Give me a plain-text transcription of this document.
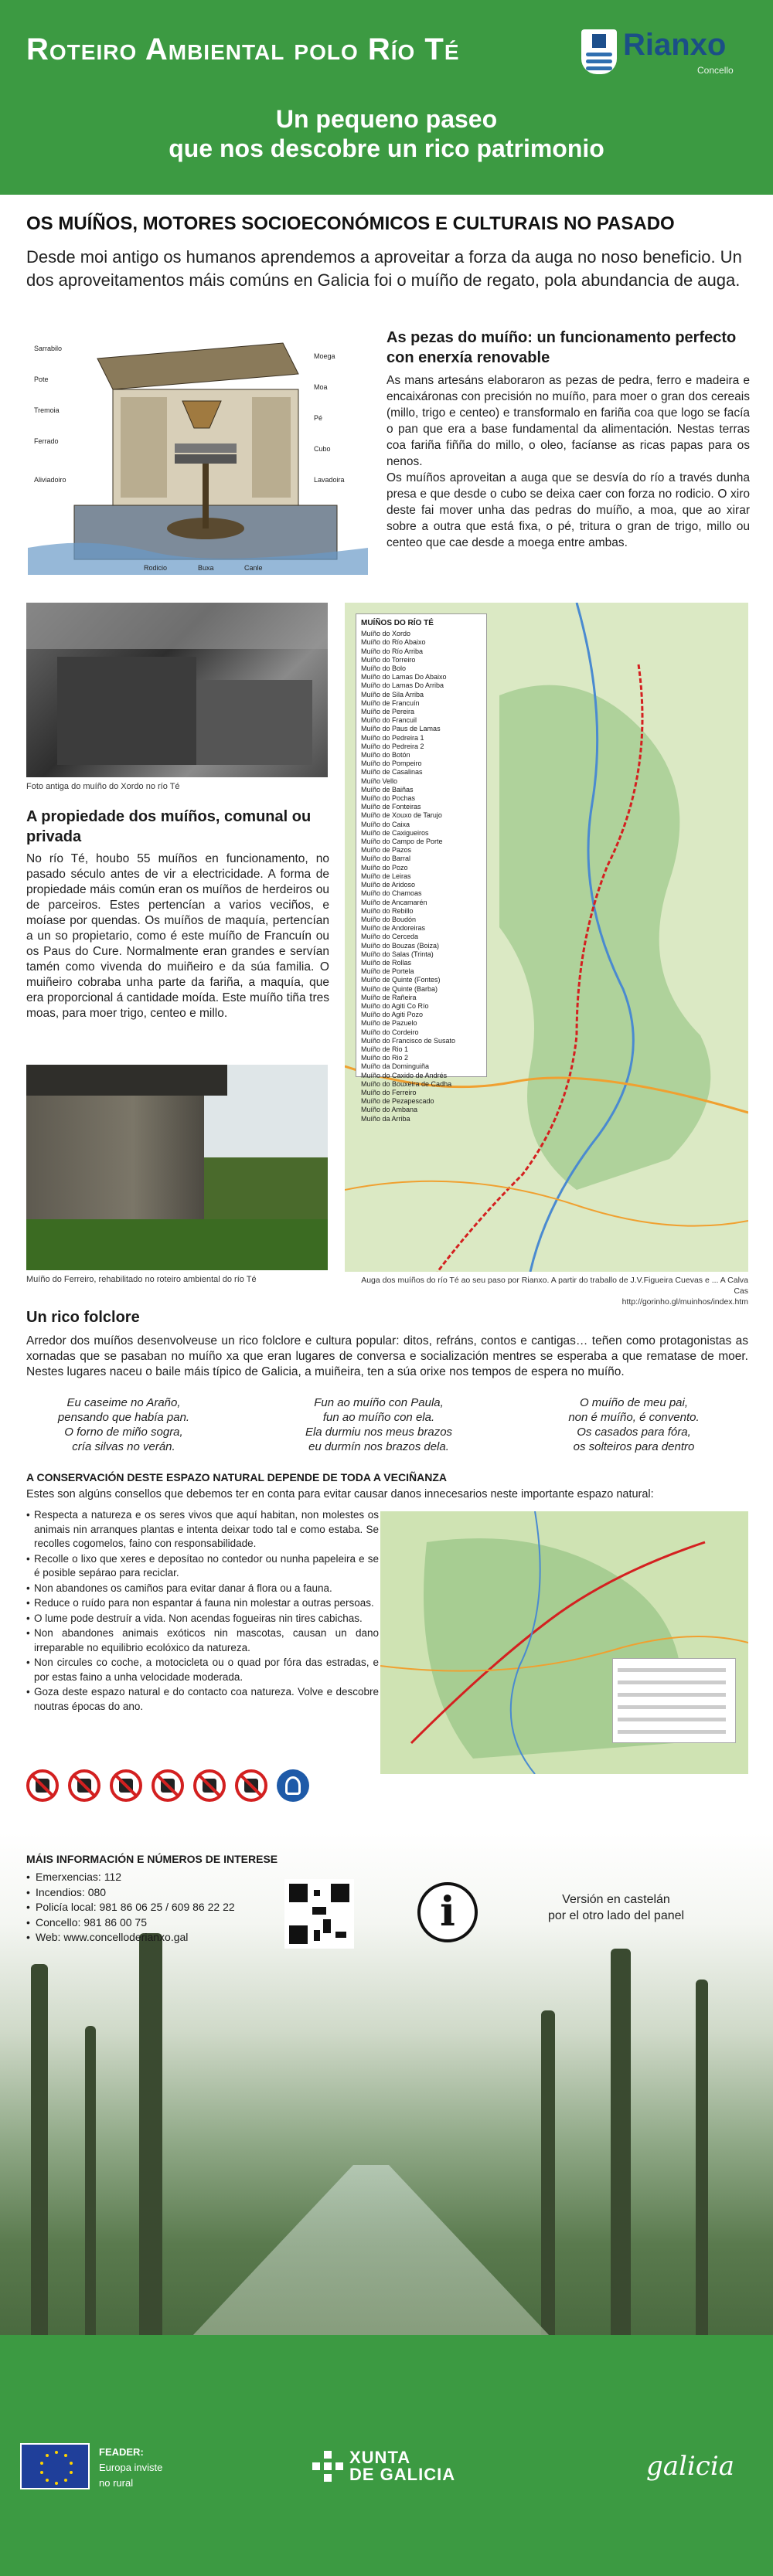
Roteiro Ambiental polo Río Té	Rianxo
Concello
Un pequeno paseo
que nos descobre un rico patrimonio
OS MUÍÑOS, MOTORES SOCIOECONÓMICOS E CULTURAIS NO PASADO
Desde moi antigo os humanos aprendemos a aproveitar a forza da auga no noso beneficio. Un dos aproveitamentos máis comúns en Galicia foi o muíño de regato, pola abundancia de auga.
Sarrabilo
Pote
Tremoia
Ferrado
Moega
Moa
Pé
Cubo
Rodicio	Buxa
Aliviadoiro
Canle
Lavadoira
As pezas do muíño: un funcionamento perfecto con enerxía renovable

As mans artesáns elaboraron as pezas de pedra, ferro e madeira e encaixáronas con precisión no muíño, para moer o gran dos cereais (millo, trigo e centeo) e transformalo en fariña coa que logo se facía o pan que era a base fundamental da alimentación. Nestas terras coa fariña fiñña do millo, o oleo, facíanse as ricas papas para os nenos.

Os muíños aproveitan a auga que se desvía do río a través dunha presa e que desde o cubo se deixa caer con forza no rodicio. O xiro deste fai mover unha das pedras do muíño, a moa, que ao xirar sobre a outra que está fixa, o pé, tritura o gran de trigo, millo ou centeo que cae desde a moega entre ambas.

Foto antiga do muíño do Xordo no río Té
A propiedade dos muíños, comunal ou privada
No río Té, houbo 55 muíños en funcionamento, no pasado século antes de vir a electricidade. A forma de propiedade máis común eran os muíños de herdeiros ou de parceiros. Estes pertencían a varios veciños, e moíase por quendas. Os muíños de maquía, pertencían a un so propietario, como é este muíño de Francuín ou os Paus do Cure. Normalmente eran grandes e servían tamén como vivenda do muiñeiro e da súa familia. O muiñeiro cobraba unha parte da fariña, a maquía, que era proporcional á cantidade moída. Este muíño tiña tres moas, para moer trigo, centeo e millo.
Muíño do Ferreiro, rehabilitado no roteiro ambiental do río Té
MUÍÑOS DO RÍO TÉ
Muíño do Xordo
Muíño do Río Abaixo
Muíño do Río Arriba
Muíño do Torreiro
Muíño do Bolo
Muíño do Lamas Do Abaixo
Muíño do Lamas Do Arriba
Muíño de Sila Arriba
Muíño de Francuín
Muíño de Pereira
Muíño do Francuil
Muíño do Paus de Lamas
Muíño do Pedreira 1
Muíño do Pedreira 2
Muíño do Botón
Muíño do Pompeiro
Muíño de Casalinas
Muíño Vello
Muíño de Baiñas
Muíño do Pochas
Muíño de Fonteiras
Muíño de Xouxo de Tarujo
Muíño do Caixa
Muíño de Caxigueiros
Muíño do Campo de Porte
Muíño de Pazos
Muíño do Barral
Muíño do Pozo
Muíño de Leiras
Muíño de Aridoso
Muíño do Chamoas
Muíño de Ancamarén
Muíño do Rebillo
Muíño do Boudón
Muíño de Andoreiras
Muíño do Cerceda
Muíño do Bouzas (Boiza)
Muíño do Salas (Trinta)
Muíño de Rollas
Muíño de Portela
Muíño de Quinte (Fontes)
Muíño de Quinte (Barba)
Muíño de Rañeira
Muíño do Agiti Co Río
Muíño do Agiti Pozo
Muíño de Pazuelo
Muíño do Cordeiro
Muíño do Francisco de Susato
Muíño de Rio 1
Muíño do Rio 2
Muíño da Dominguiña
Muíño do Caxido de Andrés
Muíño do Bouxeira de Cadha
Muíño do Ferreiro
Muíño de Pezapescado
Muíño do Ambana
Muíño da Arriba
Auga dos muíños do río Té ao seu paso por Rianxo. A partir do traballo de J.V.Figueira Cuevas e ... A Calva Cas
http://gorinho.gl/muinhos/index.htm
Un rico folclore
Arredor dos muíños desenvolveuse un rico folclore e cultura popular: ditos, refráns, contos e cantigas… teñen como protagonistas as xornadas que se pasaban no muíño xa que eran lugares de conversa e socialización mentres se esperaba a que rematase de moer. Nestes lugares naceu o baile máis típico de Galicia, a muiñeira, ten a súa orixe nos tempos de espera no muíño.
Eu caseime no Araño,
pensando que había pan.
O forno de miño sogra,
cría silvas no verán.
Fun ao muíño con Paula,
fun ao muíño con ela.
Ela durmiu nos meus brazos
eu durmín nos brazos dela.
O muíño de meu pai,
non é muíño, é convento.
Os casados para fóra,
os solteiros para dentro
A CONSERVACIÓN DESTE ESPAZO NATURAL DEPENDE DE TODA A VECIÑANZA
Estes son algúns consellos que debemos ter en conta para evitar causar danos innecesarios neste importante espazo natural:
• Respecta a natureza e os seres vivos que aquí habitan, non molestes os animais nin arranques plantas e intenta deixar todo tal e como estaba. Se recolles cogomelos, faino con responsabilidade.
• Recolle o lixo que xeres e deposítao no contedor ou nunha papeleira e se é posible sepárao para reciclar.
• Non abandones os camiños para evitar danar á flora ou a fauna.
• Reduce o ruído para non espantar á fauna nin molestar a outras persoas.
• O lume pode destruír a vida. Non acendas fogueiras nin tires cabichas.
• Non abandones animais exóticos nin mascotas, causan un dano irreparable no equilibrio ecolóxico da natureza.
• Non circules co coche, a motocicleta ou o quad por fóra das estradas, e por estas faino a unha velocidade moderada.
• Goza deste espazo natural e do contacto coa natureza. Volve e descobre noutras épocas do ano.
MÁIS INFORMACIÓN E NÚMEROS DE INTERESE
• Emerxencias: 112
• Incendios: 080
• Policía local: 981 86 06 25 / 609 86 22 22
• Concello: 981 86 00 75
• Web: www.concelloderianxo.gal
i	Versión en castelán
por el otro lado del panel
FEADER:
Europa inviste
no rural
XUNTA
DE GALICIA	galicia
